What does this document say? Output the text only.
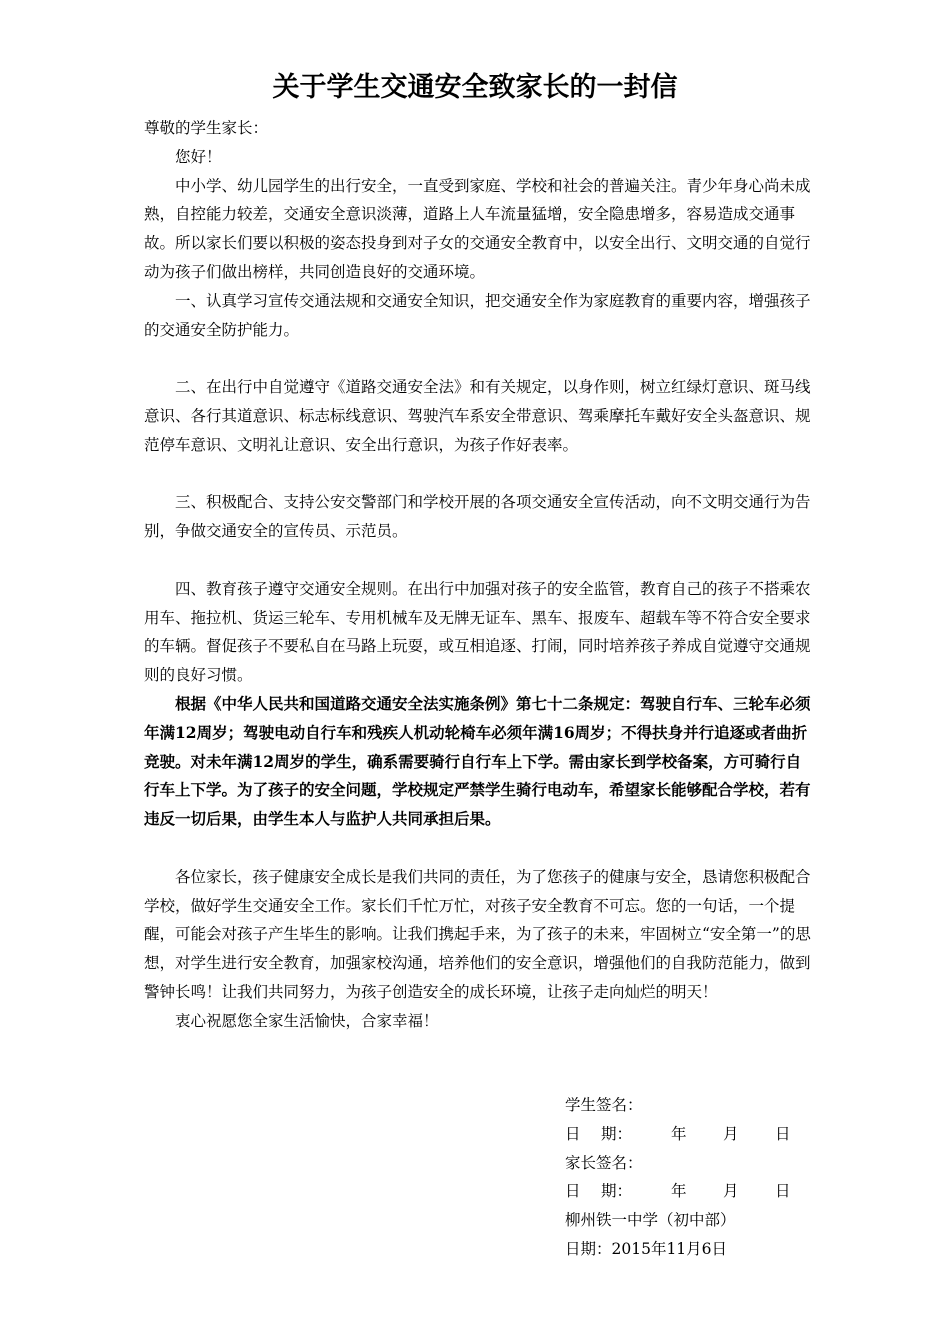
关于学生交通安全致家长的一封信

尊敬的学生家长：

您好！

中小学、幼儿园学生的出行安全，一直受到家庭、学校和社会的普遍关注。青少年身心尚未成熟，自控能力较差，交通安全意识淡薄，道路上人车流量猛增，安全隐患增多，容易造成交通事故。所以家长们要以积极的姿态投身到对子女的交通安全教育中，以安全出行、文明交通的自觉行动为孩子们做出榜样，共同创造良好的交通环境。

一、认真学习宣传交通法规和交通安全知识，把交通安全作为家庭教育的重要内容，增强孩子的交通安全防护能力。

二、在出行中自觉遵守《道路交通安全法》和有关规定，以身作则，树立红绿灯意识、斑马线意识、各行其道意识、标志标线意识、驾驶汽车系安全带意识、驾乘摩托车戴好安全头盔意识、规范停车意识、文明礼让意识、安全出行意识，为孩子作好表率。

三、积极配合、支持公安交警部门和学校开展的各项交通安全宣传活动，向不文明交通行为告别，争做交通安全的宣传员、示范员。

四、教育孩子遵守交通安全规则。在出行中加强对孩子的安全监管，教育自己的孩子不搭乘农用车、拖拉机、货运三轮车、专用机械车及无牌无证车、黑车、报废车、超载车等不符合安全要求的车辆。督促孩子不要私自在马路上玩耍，或互相追逐、打闹，同时培养孩子养成自觉遵守交通规则的良好习惯。

根据《中华人民共和国道路交通安全法实施条例》第七十二条规定：驾驶自行车、三轮车必须年满12周岁；驾驶电动自行车和残疾人机动轮椅车必须年满16周岁；不得扶身并行追逐或者曲折竞驶。对未年满12周岁的学生，确系需要骑行自行车上下学。需由家长到学校备案，方可骑行自行车上下学。为了孩子的安全问题，学校规定严禁学生骑行电动车，希望家长能够配合学校，若有违反一切后果，由学生本人与监护人共同承担后果。

各位家长，孩子健康安全成长是我们共同的责任，为了您孩子的健康与安全，恳请您积极配合学校，做好学生交通安全工作。家长们千忙万忙，对孩子安全教育不可忘。您的一句话，一个提醒，可能会对孩子产生毕生的影响。让我们携起手来，为了孩子的未来，牢固树立“安全第一”的思想，对学生进行安全教育，加强家校沟通，培养他们的安全意识，增强他们的自我防范能力，做到警钟长鸣！让我们共同努力，为孩子创造安全的成长环境，让孩子走向灿烂的明天！

衷心祝愿您全家生活愉快，合家幸福！

学生签名：

日	期：	年	月	日

家长签名：

日	期：	年	月	日

柳州铁一中学（初中部）

日期：2015年11月6日
